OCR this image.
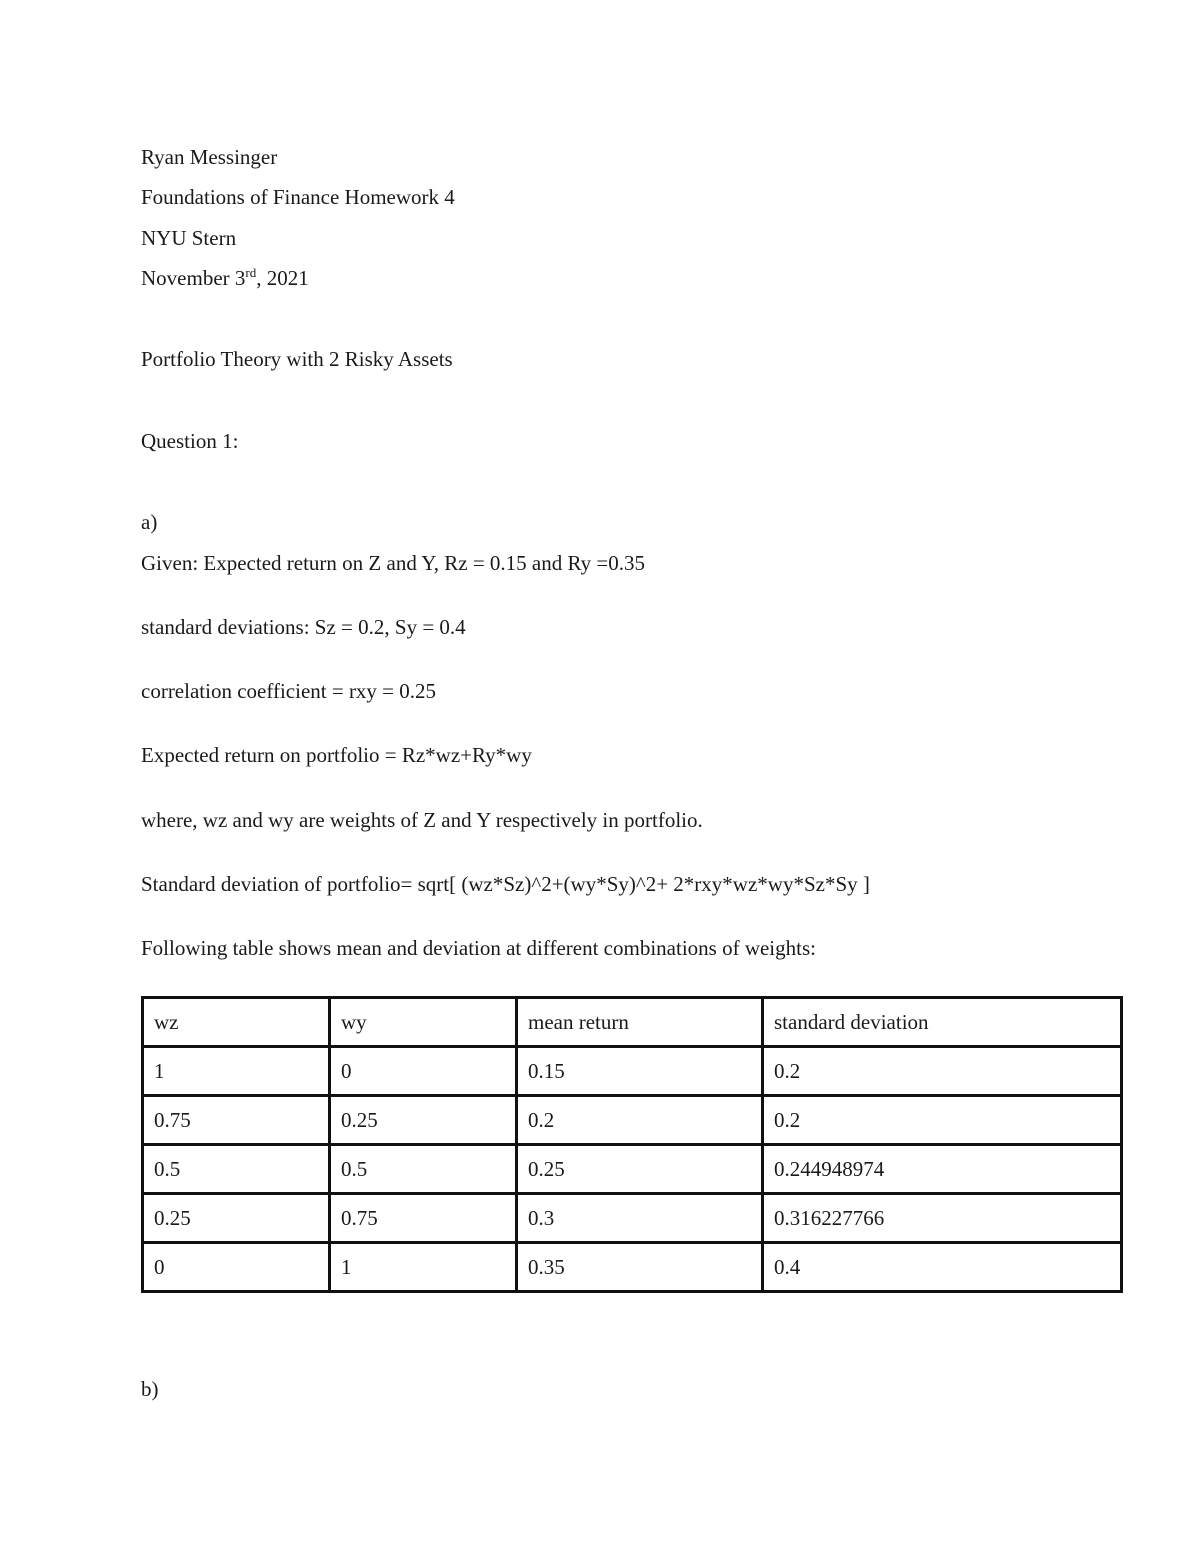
Ryan Messinger
Foundations of Finance Homework 4
NYU Stern
November 3rd, 2021
Portfolio Theory with 2 Risky Assets
Question 1:
a)
Given: Expected return on Z and Y, Rz = 0.15 and Ry =0.35
standard deviations: Sz = 0.2, Sy = 0.4
correlation coefficient = rxy = 0.25
Expected return on portfolio = Rz*wz+Ry*wy
where, wz and wy are weights of Z and Y respectively in portfolio.
Standard deviation of portfolio= sqrt[ (wz*Sz)^2+(wy*Sy)^2+ 2*rxy*wz*wy*Sz*Sy ]
Following table shows mean and deviation at different combinations of weights:
wz	wy	mean return	standard deviation
1	0	0.15	0.2
0.75	0.25	0.2	0.2
0.5	0.5	0.25	0.244948974
0.25	0.75	0.3	0.316227766
0	1	0.35	0.4
b)
